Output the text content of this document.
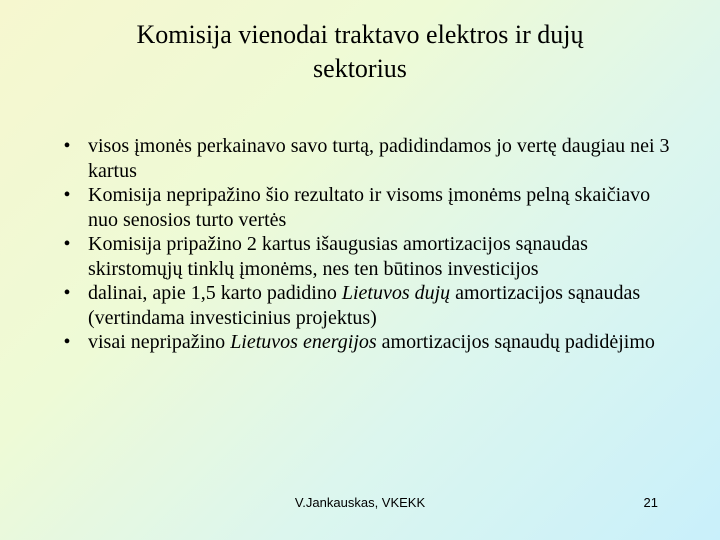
Komisija vienodai traktavo elektros ir dujų
sektorius
• visos įmonės perkainavo savo turtą, padidindamos jo vertę daugiau nei 3 kartus
• Komisija nepripažino šio rezultato ir visoms įmonėms pelną skaičiavo nuo senosios turto vertės
• Komisija pripažino 2 kartus išaugusias amortizacijos sąnaudas skirstomųjų tinklų įmonėms, nes ten būtinos investicijos
• dalinai, apie 1,5 karto padidino Lietuvos dujų amortizacijos sąnaudas (vertindama investicinius projektus)
• visai nepripažino Lietuvos energijos amortizacijos sąnaudų padidėjimo
V.Jankauskas, VKEKK	21
